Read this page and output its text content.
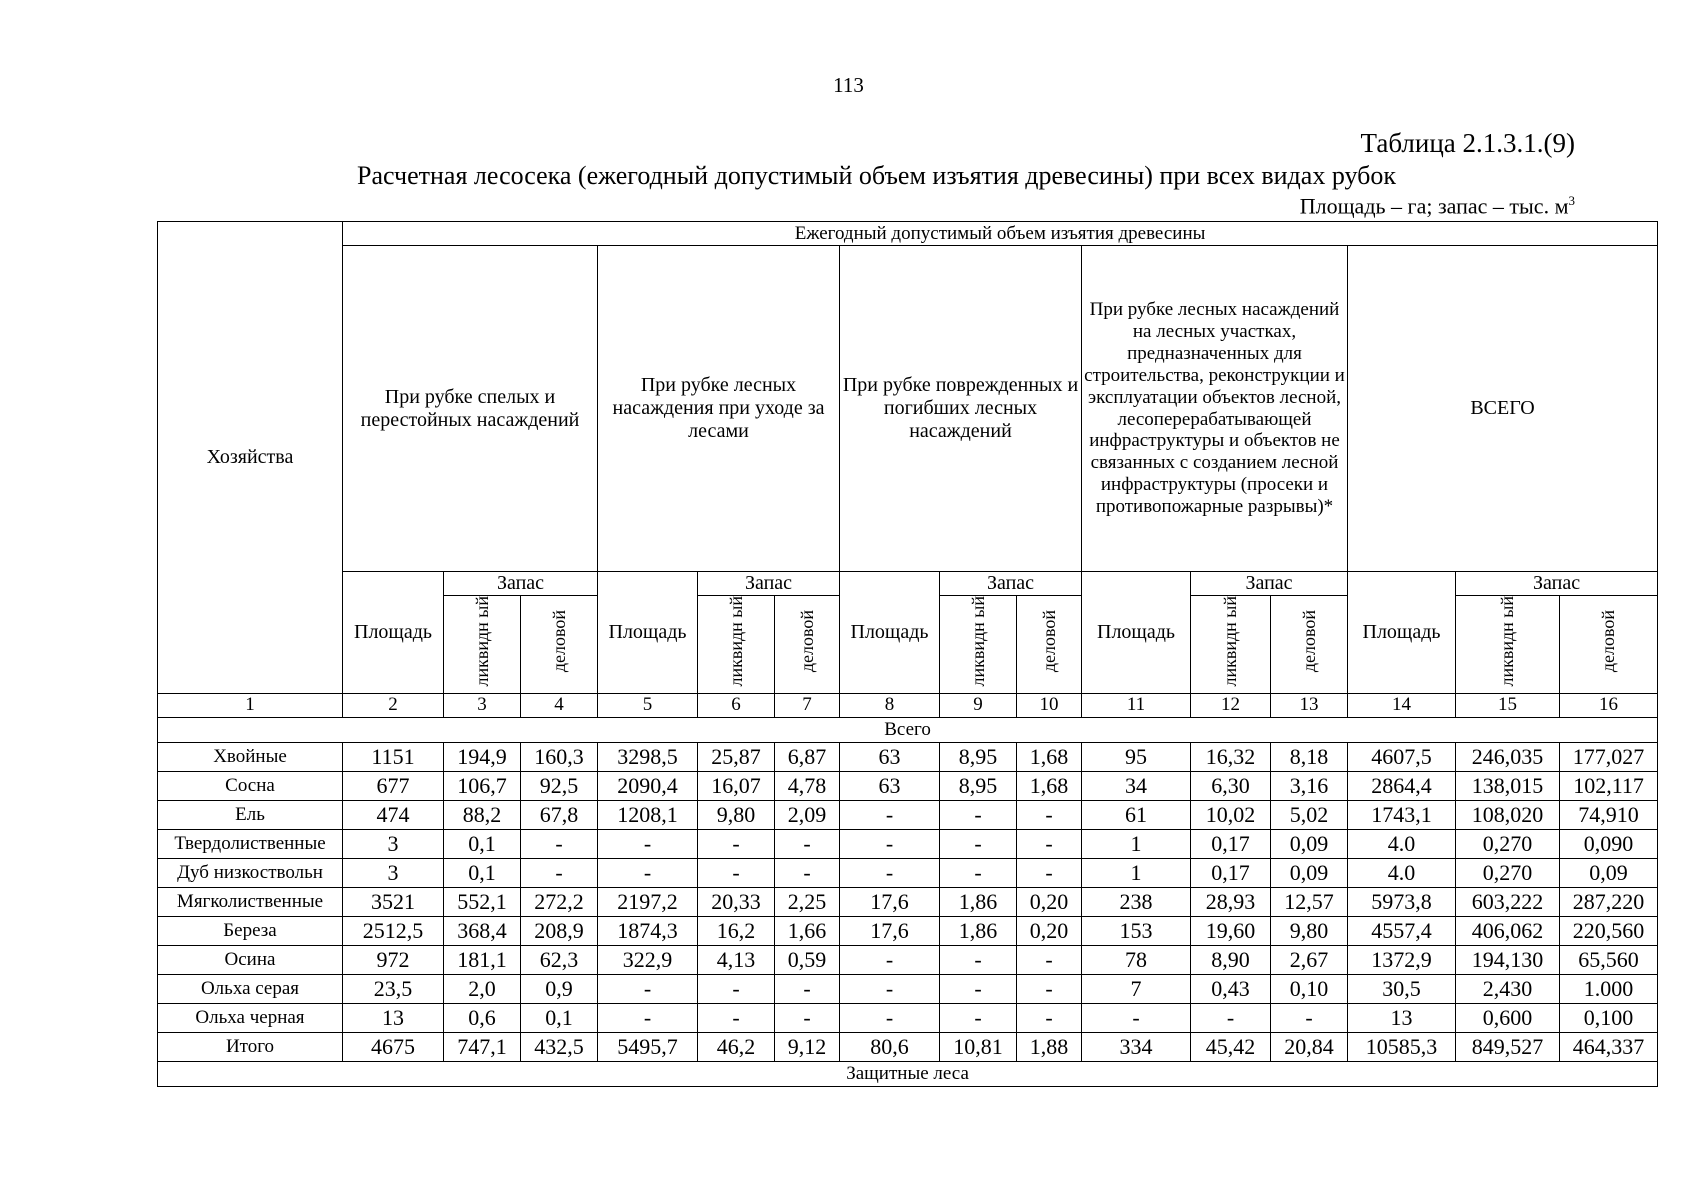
113
Таблица 2.1.3.1.(9)
Расчетная лесосека (ежегодный допустимый объем изъятия древесины) при всех видах рубок
Площадь – га; запас – тыс. $м^3$
Хозяйства	Ежегодный допустимый объем изъятия древесины														
	При рубке спелых и перестойных насаждений			При рубке лесных насаждения при уходе за лесами			При рубке поврежденных и погибших лесных насаждений			При рубке лесных насаждений на лесных участках, предназначенных для строительства, реконструкции и эксплуатации объектов лесной, лесоперерабатывающей инфраструктуры и объектов не связанных с созданием лесной инфраструктуры (просеки и противопожарные разрывы)*			ВСЕГО		
	Площадь	Запас		Площадь	Запас		Площадь	Запас		Площадь	Запас		Площадь	Запас	
		ликвидн ый	деловой		ликвидн ый	деловой		ликвидн ый	деловой		ликвидн ый	деловой		ликвидн ый	деловой
1	2	3	4	5	6	7	8	9	10	11	12	13	14	15	16
Всего															
Хвойные	1151	194,9	160,3	3298,5	25,87	6,87	63	8,95	1,68	95	16,32	8,18	4607,5	246,035	177,027
Сосна	677	106,7	92,5	2090,4	16,07	4,78	63	8,95	1,68	34	6,30	3,16	2864,4	138,015	102,117
Ель	474	88,2	67,8	1208,1	9,80	2,09	-	-	-	61	10,02	5,02	1743,1	108,020	74,910
Твердолиственные	3	0,1	-	-	-	-	-	-	-	1	0,17	0,09	4.0	0,270	0,090
Дуб низкоствольн	3	0,1	-	-	-	-	-	-	-	1	0,17	0,09	4.0	0,270	0,09
Мягколиственные	3521	552,1	272,2	2197,2	20,33	2,25	17,6	1,86	0,20	238	28,93	12,57	5973,8	603,222	287,220
Береза	2512,5	368,4	208,9	1874,3	16,2	1,66	17,6	1,86	0,20	153	19,60	9,80	4557,4	406,062	220,560
Осина	972	181,1	62,3	322,9	4,13	0,59	-	-	-	78	8,90	2,67	1372,9	194,130	65,560
Ольха серая	23,5	2,0	0,9	-	-	-	-	-	-	7	0,43	0,10	30,5	2,430	1.000
Ольха черная	13	0,6	0,1	-	-	-	-	-	-	-	-	-	13	0,600	0,100
Итого	4675	747,1	432,5	5495,7	46,2	9,12	80,6	10,81	1,88	334	45,42	20,84	10585,3	849,527	464,337
Защитные леса															
